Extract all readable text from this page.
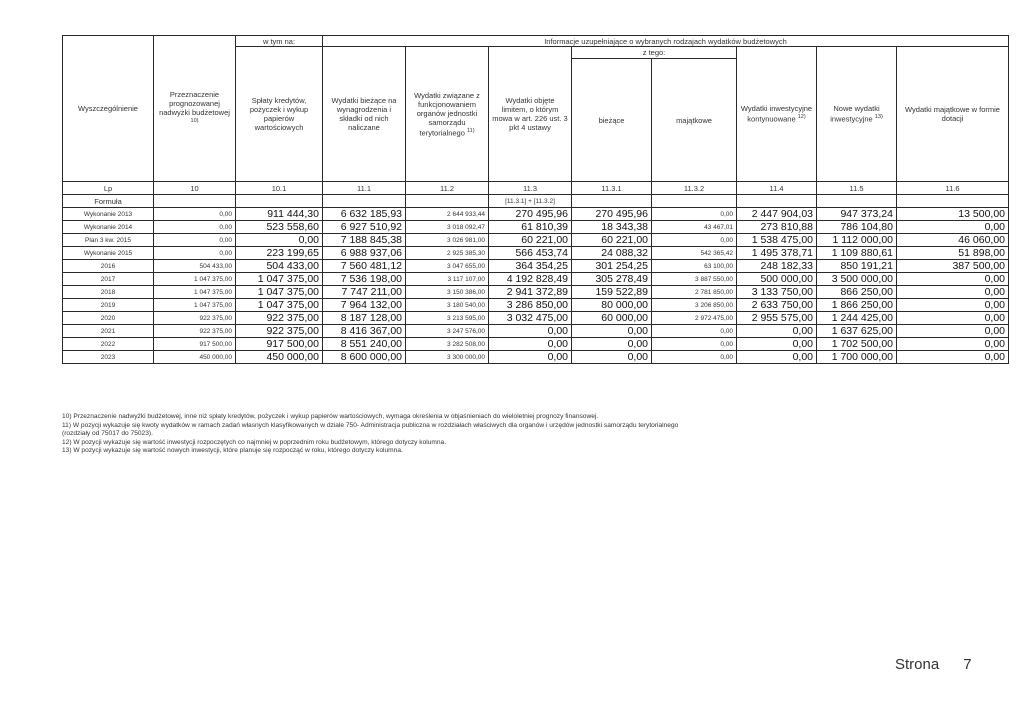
Wyszczególnienie	Przeznaczenie prognozowanej nadwyżki budżetowej $^{10)}$	w tym na:	Informacje uzupełniające o wybranych rodzajach wydatków budżetowych							
		Spłaty kredytów, pożyczek i wykup papierów wartościowych	Wydatki bieżące na wynagrodzenia i składki od nich naliczane	Wydatki związane z funkcjonowaniem organów jednostki samorządu terytorialnego $^{11)}$	Wydatki objęte limitem, o którym mowa w art. 226 ust. 3 pkt 4 ustawy	z tego:		Wydatki inwestycyjne kontynuowane $^{12)}$	Nowe wydatki inwestycyjne $^{13)}$	Wydatki majątkowe w formie dotacji
						bieżące	majątkowe			
Lp	10	10.1	11.1	11.2	11.3	11.3.1	11.3.2	11.4	11.5	11.6
Formuła					[11.3.1] + [11.3.2]					
Wykonanie 2013	0,00	911 444,30	6 632 185,93	2 644 933,44	270 495,96	270 495,96	0,00	2 447 904,03	947 373,24	13 500,00
Wykonanie 2014	0,00	523 558,60	6 927 510,92	3 018 092,47	61 810,39	18 343,38	43 467,01	273 810,88	786 104,80	0,00
Plan 3 kw. 2015	0,00	0,00	7 188 845,38	3 026 981,00	60 221,00	60 221,00	0,00	1 538 475,00	1 112 000,00	46 060,00
Wykonanie 2015	0,00	223 199,65	6 988 937,06	2 925 385,30	566 453,74	24 088,32	542 365,42	1 495 378,71	1 109 880,61	51 898,00
2016	504 433,00	504 433,00	7 560 481,12	3 047 655,00	364 354,25	301 254,25	63 100,00	248 182,33	850 191,21	387 500,00
2017	1 047 375,00	1 047 375,00	7 536 198,00	3 117 107,00	4 192 828,49	305 278,49	3 887 550,00	500 000,00	3 500 000,00	0,00
2018	1 047 375,00	1 047 375,00	7 747 211,00	3 150 386,00	2 941 372,89	159 522,89	2 781 850,00	3 133 750,00	866 250,00	0,00
2019	1 047 375,00	1 047 375,00	7 964 132,00	3 180 540,00	3 286 850,00	80 000,00	3 206 850,00	2 633 750,00	1 866 250,00	0,00
2020	922 375,00	922 375,00	8 187 128,00	3 213 595,00	3 032 475,00	60 000,00	2 972 475,00	2 955 575,00	1 244 425,00	0,00
2021	922 375,00	922 375,00	8 416 367,00	3 247 576,00	0,00	0,00	0,00	0,00	1 637 625,00	0,00
2022	917 500,00	917 500,00	8 551 240,00	3 282 508,00	0,00	0,00	0,00	0,00	1 702 500,00	0,00
2023	450 000,00	450 000,00	8 600 000,00	3 300 000,00	0,00	0,00	0,00	0,00	1 700 000,00	0,00

10) Przeznaczenie nadwyżki budżetowej, inne niż spłaty kredytów, pożyczek i wykup papierów wartościowych, wymaga określenia w objaśnieniach do wieloletniej prognozy finansowej.

11) W pozycji wykazuje się kwoty wydatków w ramach zadań własnych klasyfikowanych w dziale 750- Administracja publiczna w rozdziałach właściwych dla organów i urzędów jednostki samorządu terytorialnego

(rozdziały od 75017 do 75023).

12) W pozycji wykazuje się wartość inwestycji rozpoczętych co najmniej w poprzednim roku budżetowym, którego dotyczy kolumna.

13) W pozycji wykazuje się wartość nowych inwestycji, które planuje się rozpocząć w roku, którego dotyczy kolumna.

Strona 7
